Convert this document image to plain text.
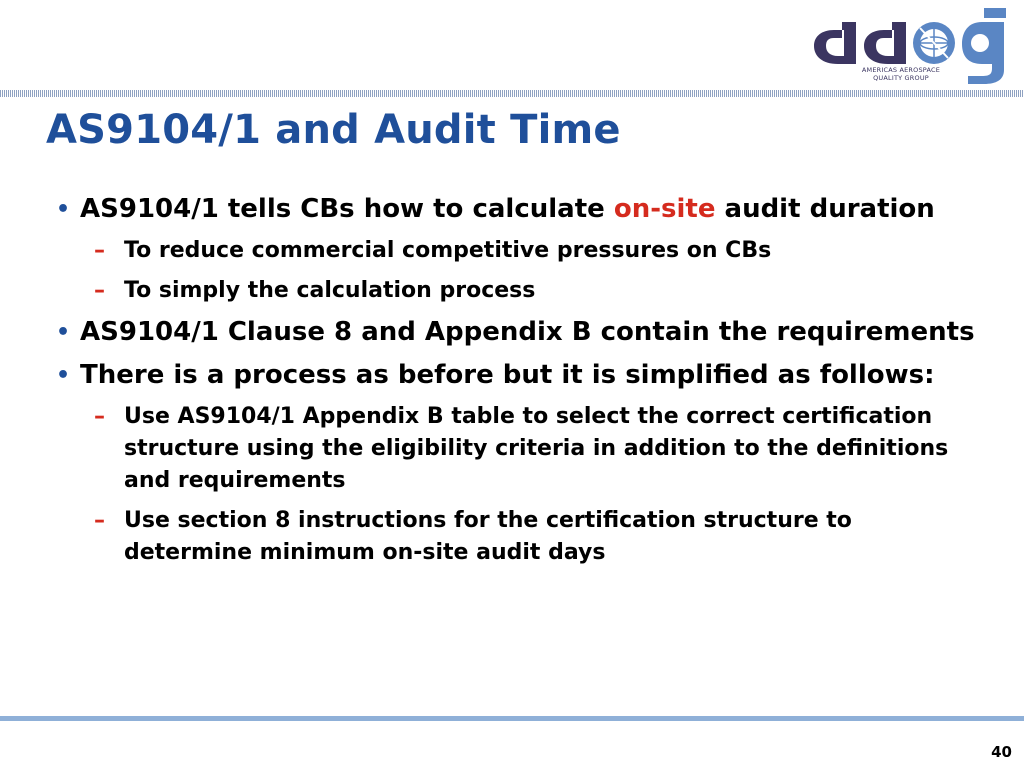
AMERICAS AEROSPACE
QUALITY GROUP
AS9104/1 and Audit Time
• AS9104/1 tells CBs how to calculate on-site audit duration
– To reduce commercial competitive pressures on CBs
– To simply the calculation process
• AS9104/1 Clause 8 and Appendix B contain the requirements
• There is a process as before but it is simplified as follows:
– Use AS9104/1 Appendix B table to select the correct certification structure using the eligibility criteria in addition to the definitions and requirements
– Use section 8 instructions for the certification structure to determine minimum on-site audit days
40
